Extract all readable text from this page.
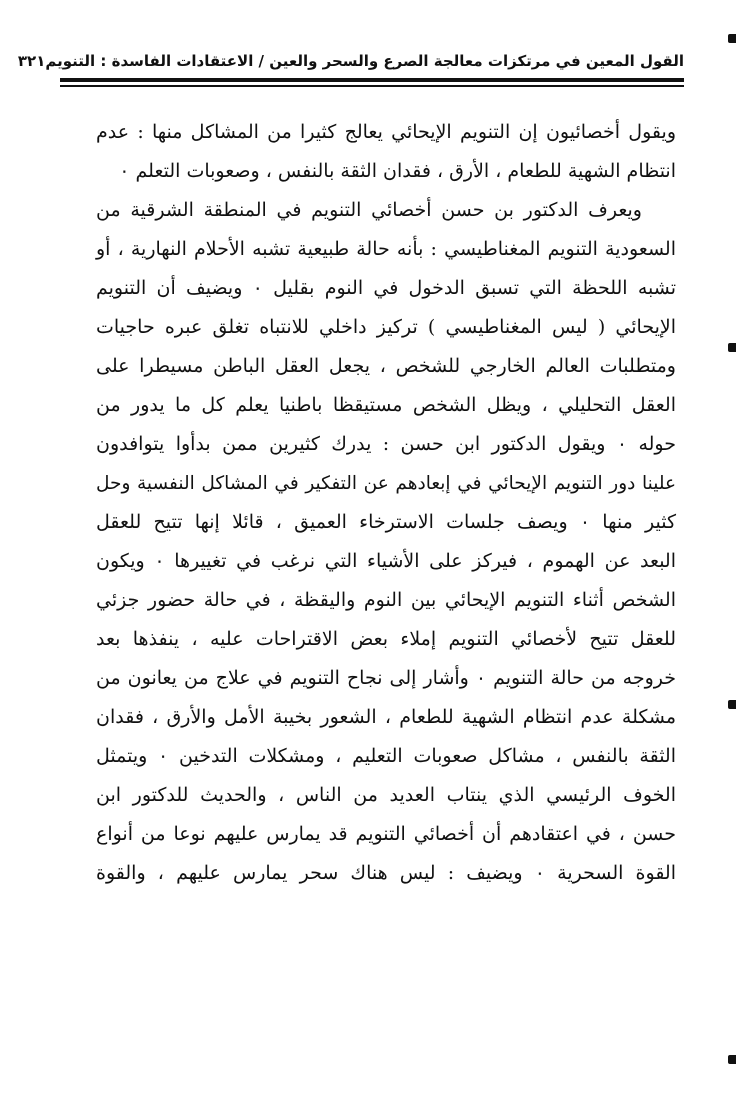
القول المعين في مرتكزات معالجة الصرع والسحر والعين / الاعتقادات الفاسدة : التنويم
٣٢١
ويقول أخصائيون إن التنويم الإيحائي يعالج كثيرا من المشاكل منها : عدم
انتظام الشهية للطعام ، الأرق ، فقدان الثقة بالنفس ، وصعوبات التعلم ٠
ويعرف الدكتور بن حسن أخصائي التنويم في المنطقة الشرقية من
السعودية التنويم المغناطيسي : بأنه حالة طبيعية تشبه الأحلام النهارية ، أو
تشبه اللحظة التي تسبق الدخول في النوم بقليل ٠ ويضيف أن التنويم
الإيحائي ( ليس المغناطيسي ) تركيز داخلي للانتباه تغلق عبره حاجيات
ومتطلبات العالم الخارجي للشخص ، يجعل العقل الباطن مسيطرا على
العقل التحليلي ، ويظل الشخص مستيقظا باطنيا يعلم كل ما يدور من
حوله ٠ ويقول الدكتور ابن حسن : يدرك كثيرين ممن بدأوا يتوافدون
علينا دور التنويم الإيحائي في إبعادهم عن التفكير في المشاكل النفسية وحل
كثير منها ٠ ويصف جلسات الاسترخاء العميق ، قائلا إنها تتيح للعقل
البعد عن الهموم ، فيركز على الأشياء التي نرغب في تغييرها ٠ ويكون
الشخص أثناء التنويم الإيحائي بين النوم واليقظة ، في حالة حضور جزئي
للعقل تتيح لأخصائي التنويم إملاء بعض الاقتراحات عليه ، ينفذها بعد
خروجه من حالة التنويم ٠ وأشار إلى نجاح التنويم في علاج من يعانون من
مشكلة عدم انتظام الشهية للطعام ، الشعور بخيبة الأمل والأرق ، فقدان
الثقة بالنفس ، مشاكل صعوبات التعليم ، ومشكلات التدخين ٠ ويتمثل
الخوف الرئيسي الذي ينتاب العديد من الناس ، والحديث للدكتور ابن
حسن ، في اعتقادهم أن أخصائي التنويم قد يمارس عليهم نوعا من أنواع
القوة السحرية ٠ ويضيف : ليس هناك سحر يمارس عليهم ، والقوة
